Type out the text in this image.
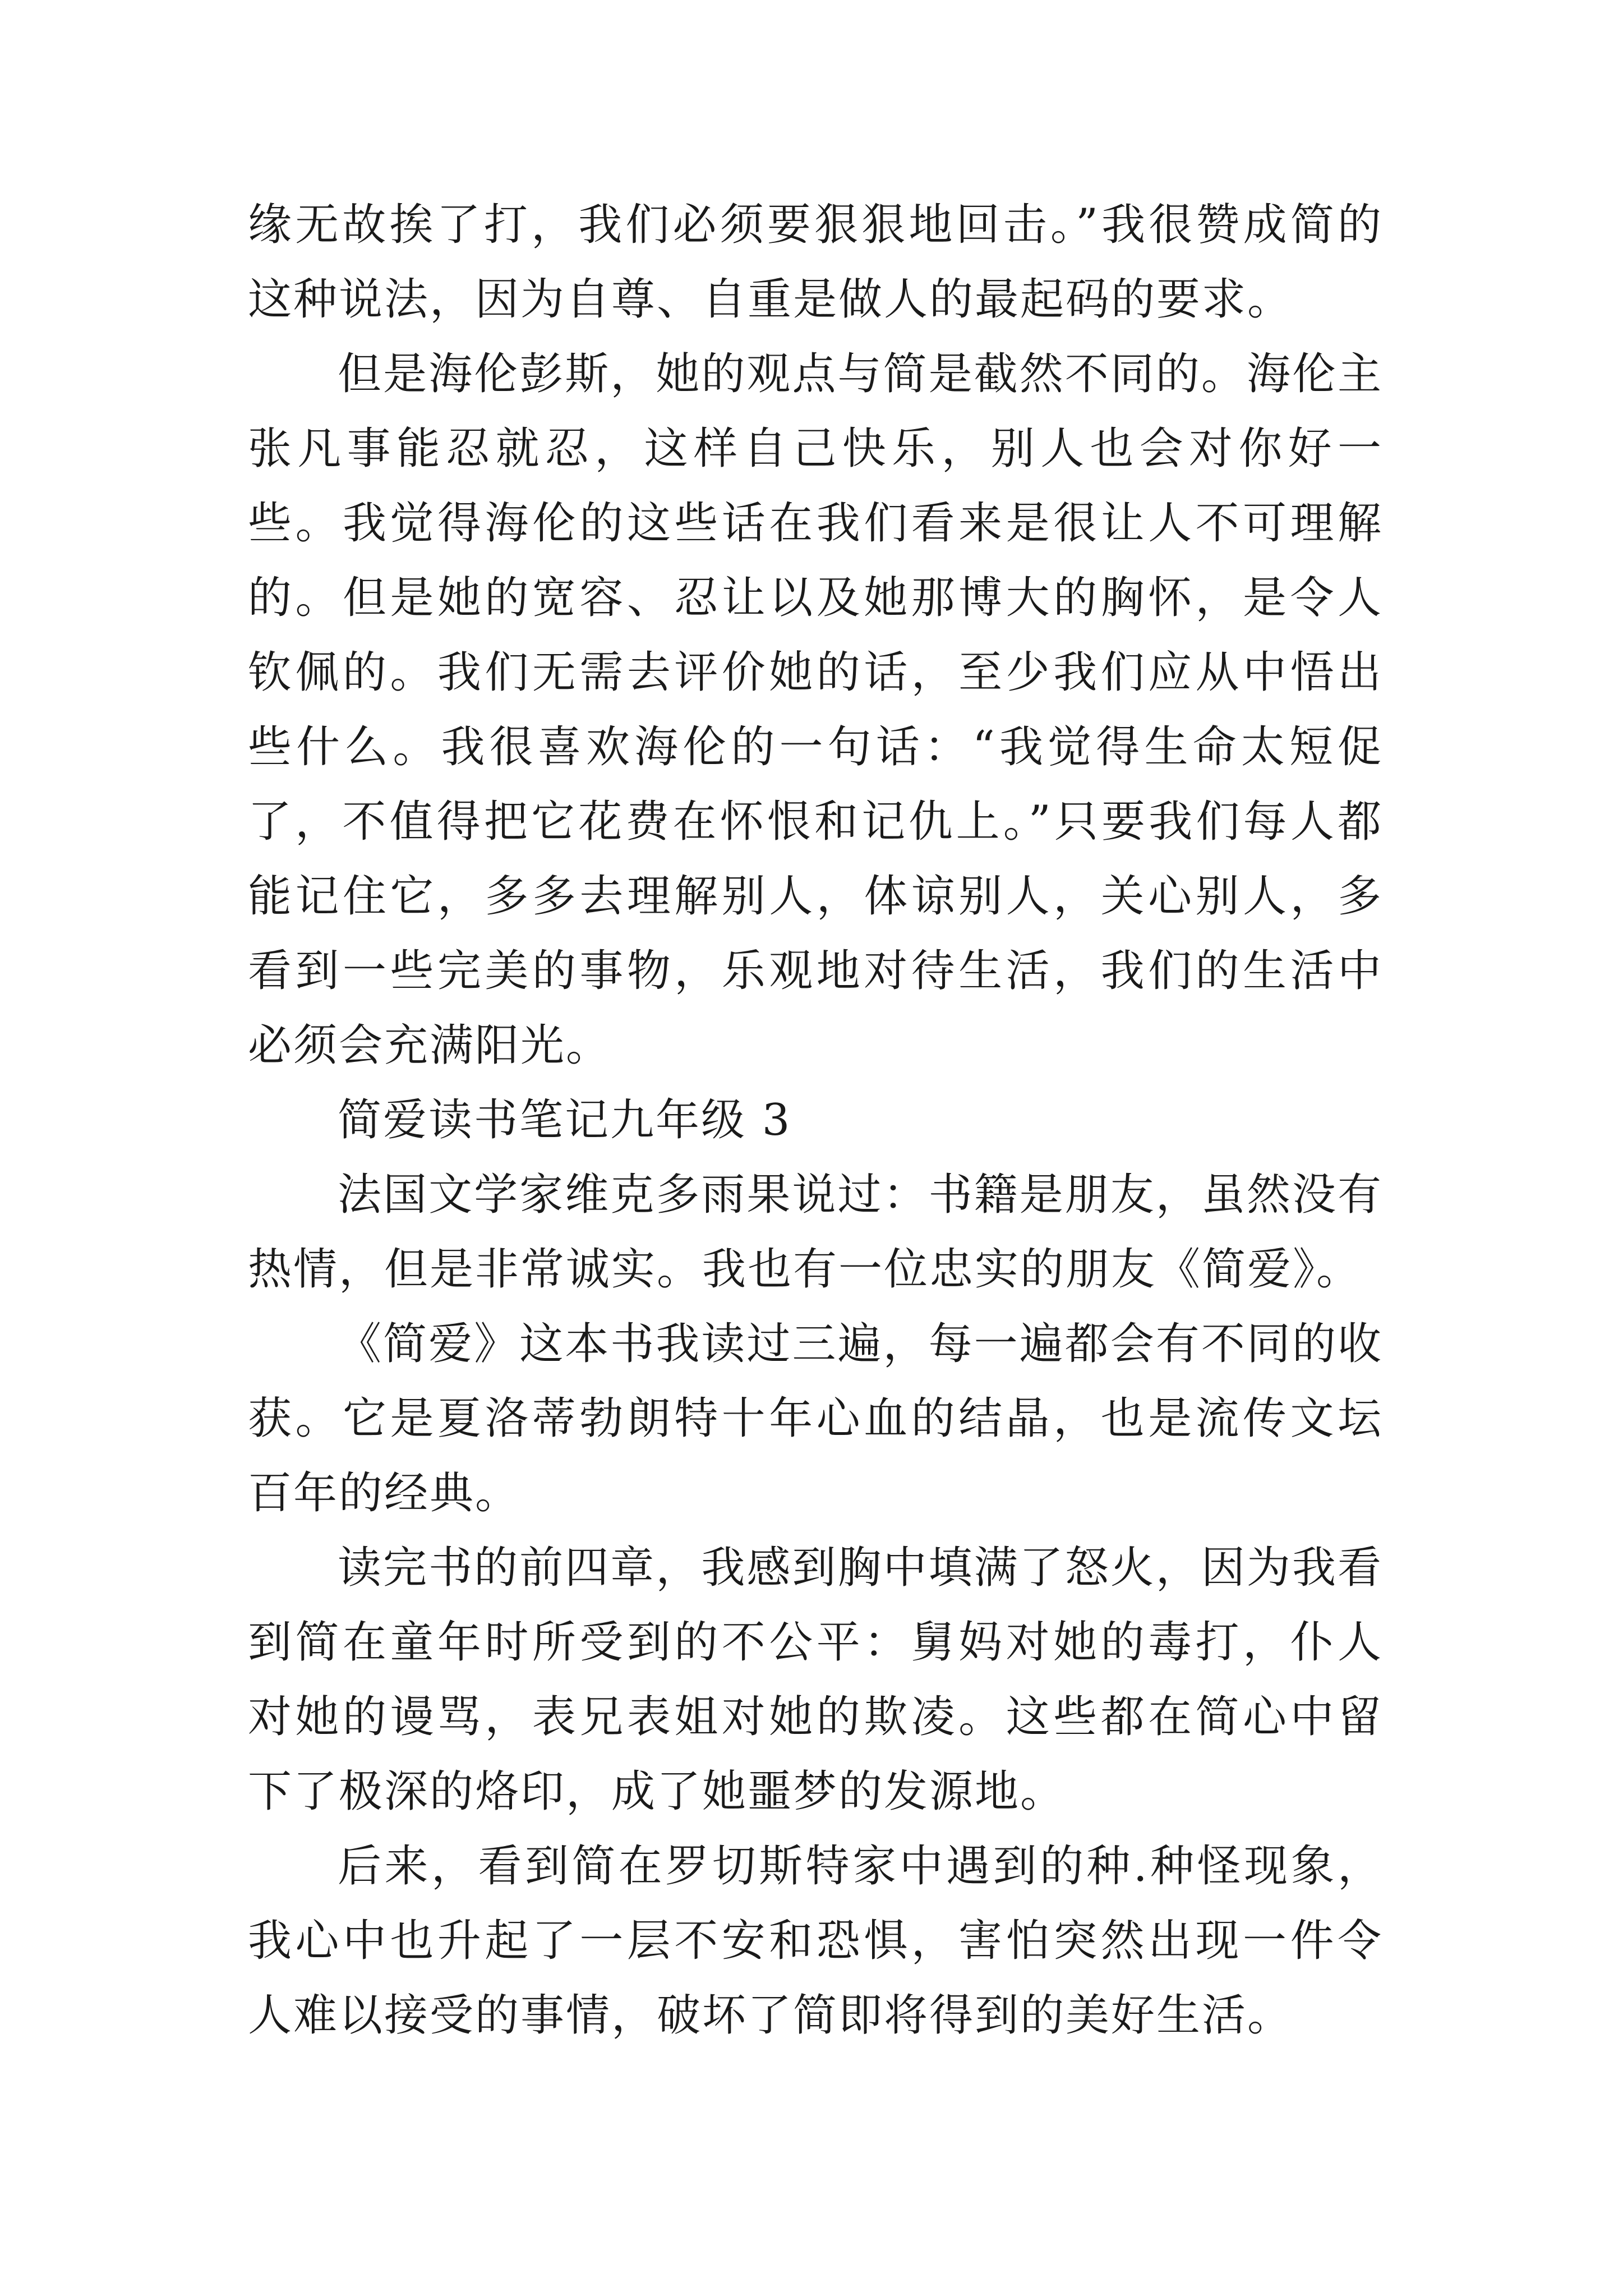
缘无故挨了打，我们必须要狠狠地回击。”我很赞成简的这种说法，因为自尊、自重是做人的最起码的要求。

但是海伦彭斯，她的观点与简是截然不同的。海伦主张凡事能忍就忍，这样自己快乐，别人也会对你好一些。我觉得海伦的这些话在我们看来是很让人不可理解的。但是她的宽容、忍让以及她那博大的胸怀，是令人钦佩的。我们无需去评价她的话，至少我们应从中悟出些什么。我很喜欢海伦的一句话：“我觉得生命太短促了，不值得把它花费在怀恨和记仇上。”只要我们每人都能记住它，多多去理解别人，体谅别人，关心别人，多看到一些完美的事物，乐观地对待生活，我们的生活中必须会充满阳光。

简爱读书笔记九年级 3

法国文学家维克多雨果说过：书籍是朋友，虽然没有热情，但是非常诚实。我也有一位忠实的朋友《简爱》。

《简爱》这本书我读过三遍，每一遍都会有不同的收获。它是夏洛蒂勃朗特十年心血的结晶，也是流传文坛百年的经典。

读完书的前四章，我感到胸中填满了怒火，因为我看到简在童年时所受到的不公平：舅妈对她的毒打，仆人对她的谩骂，表兄表姐对她的欺凌。这些都在简心中留下了极深的烙印，成了她噩梦的发源地。

后来，看到简在罗切斯特家中遇到的种.种怪现象，我心中也升起了一层不安和恐惧，害怕突然出现一件令人难以接受的事情，破坏了简即将得到的美好生活。
